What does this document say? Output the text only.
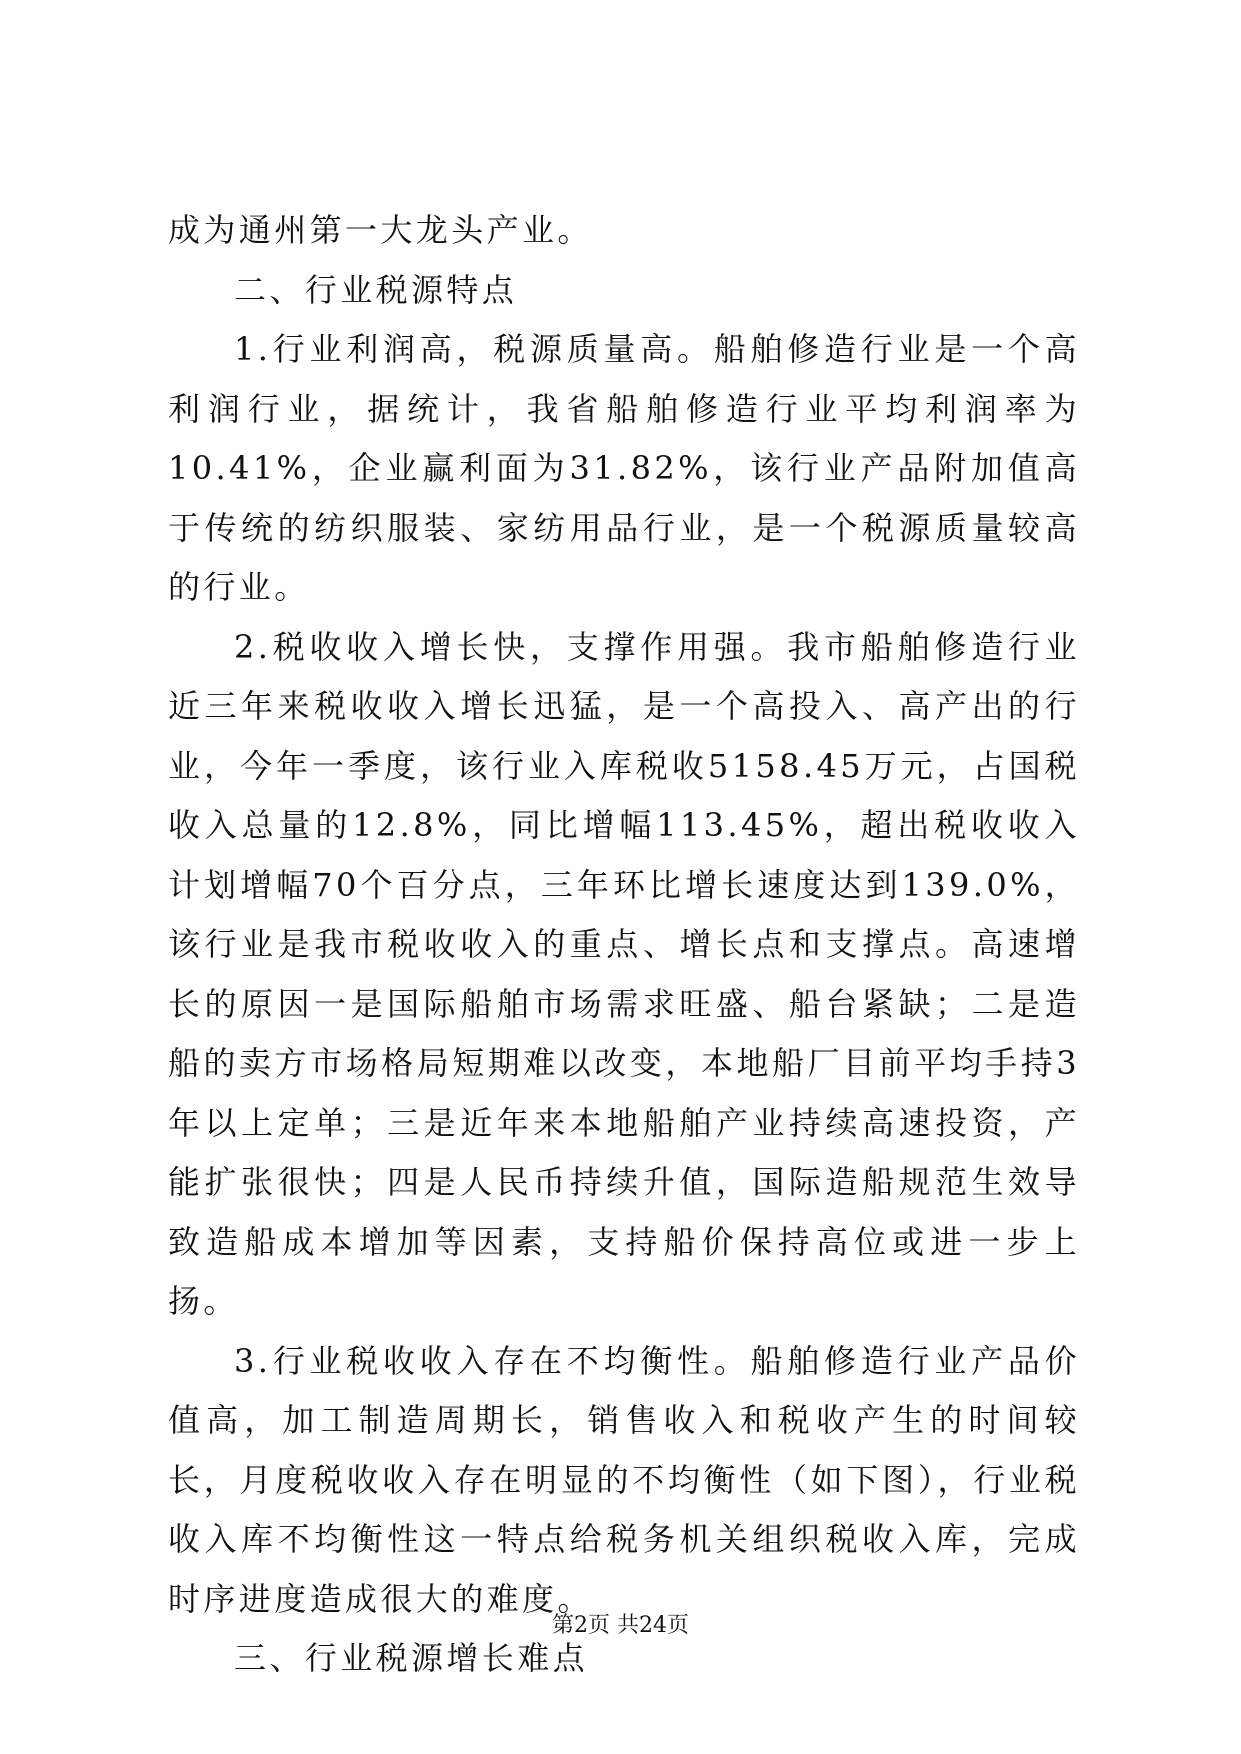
成为通州第一大龙头产业。

二、行业税源特点

1.行业利润高，税源质量高。船舶修造行业是一个高利润行业，据统计，我省船舶修造行业平均利润率为10.41%，企业赢利面为31.82%，该行业产品附加值高于传统的纺织服装、家纺用品行业，是一个税源质量较高的行业。

2.税收收入增长快，支撑作用强。我市船舶修造行业近三年来税收收入增长迅猛，是一个高投入、高产出的行业，今年一季度，该行业入库税收5158.45万元，占国税收入总量的12.8%，同比增幅113.45%，超出税收收入计划增幅70个百分点，三年环比增长速度达到139.0%，该行业是我市税收收入的重点、增长点和支撑点。高速增长的原因一是国际船舶市场需求旺盛、船台紧缺；二是造船的卖方市场格局短期难以改变，本地船厂目前平均手持3年以上定单；三是近年来本地船舶产业持续高速投资，产能扩张很快；四是人民币持续升值，国际造船规范生效导致造船成本增加等因素，支持船价保持高位或进一步上扬。

3.行业税收收入存在不均衡性。船舶修造行业产品价值高，加工制造周期长，销售收入和税收产生的时间较长，月度税收收入存在明显的不均衡性（如下图），行业税收入库不均衡性这一特点给税务机关组织税收入库，完成时序进度造成很大的难度。

三、行业税源增长难点

第2页 共24页
